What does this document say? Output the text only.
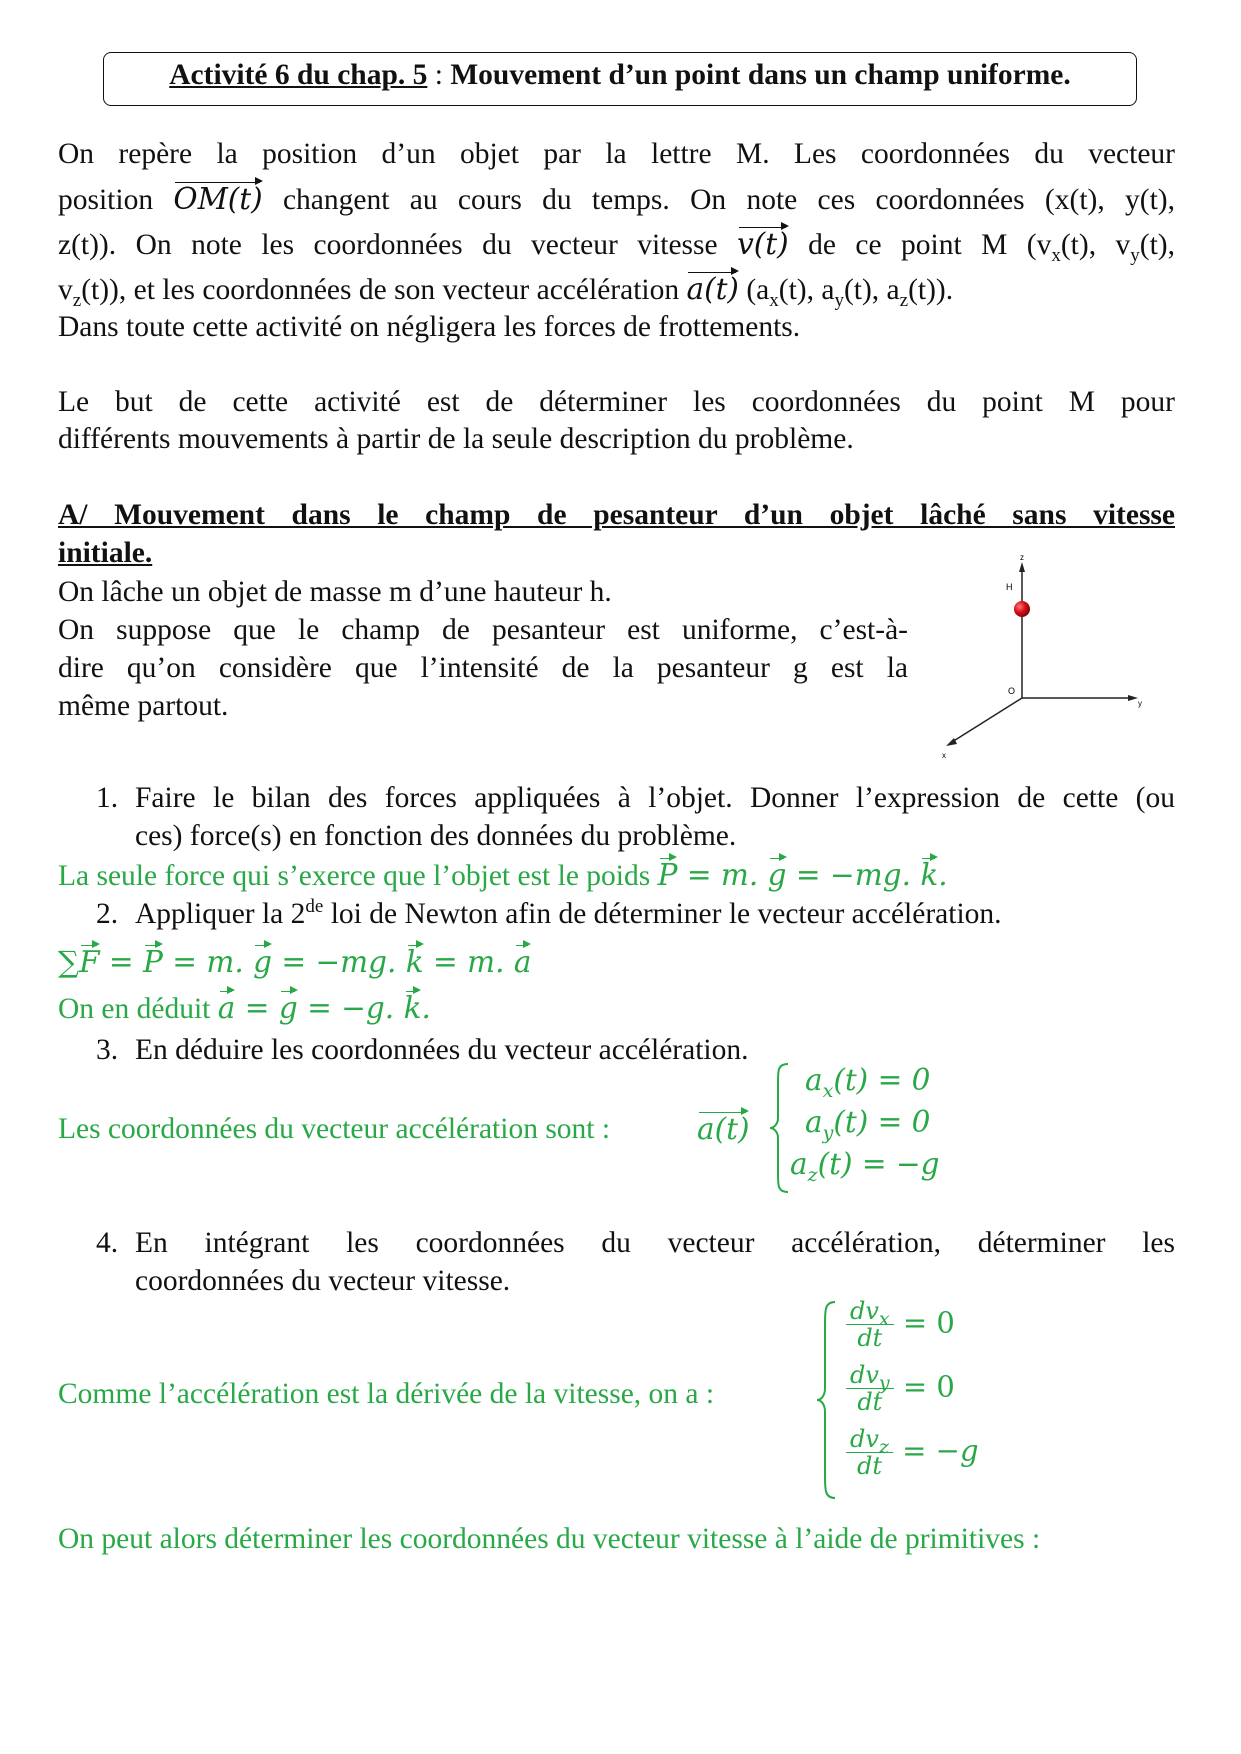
Activité 6 du chap. 5 : Mouvement d’un point dans un champ uniforme.
On repère la position d’un objet par la lettre M. Les coordonnées du vecteur
position OM(t) changent au cours du temps. On note ces coordonnées (x(t), y(t),
z(t)). On note les coordonnées du vecteur vitesse v(t) de ce point M ($v_x(t)$, $v_y(t)$,
$v_z(t)$), et les coordonnées de son vecteur accélération a(t) ($a_x(t)$, $a_y(t)$, $a_z(t)$).
Dans toute cette activité on négligera les forces de frottements.
Le but de cette activité est de déterminer les coordonnées du point M pour
différents mouvements à partir de la seule description du problème.
A/ Mouvement dans le champ de pesanteur d’un objet lâché sans vitesse
initiale.
On lâche un objet de masse m d’une hauteur h.
On suppose que le champ de pesanteur est uniforme, c’est-à-
dire qu’on considère que l’intensité de la pesanteur g est la
même partout.
z
H
O
y
x
1. Faire le bilan des forces appliquées à l’objet. Donner l’expression de cette (ou
ces) force(s) en fonction des données du problème.
La seule force qui s’exerce que l’objet est le poids P = m. g = −mg. k.
2. Appliquer la 2de loi de Newton afin de déterminer le vecteur accélération.
∑F = P = m. g = −mg. k = m. a
On en déduit a = g = −g. k.
3. En déduire les coordonnées du vecteur accélération.
Les coordonnées du vecteur accélération sont :	a(t)
$a_x(t) = 0$
$a_y(t) = 0$
$a_z(t) = -g$
4. En intégrant les coordonnées du vecteur accélération, déterminer les
coordonnées du vecteur vitesse.
Comme l’accélération est la dérivée de la vitesse, on a :
$\frac{dv_x}{dt} = 0$
$\frac{dv_y}{dt} = 0$
$\frac{dv_z}{dt} = -g$
On peut alors déterminer les coordonnées du vecteur vitesse à l’aide de primitives :
